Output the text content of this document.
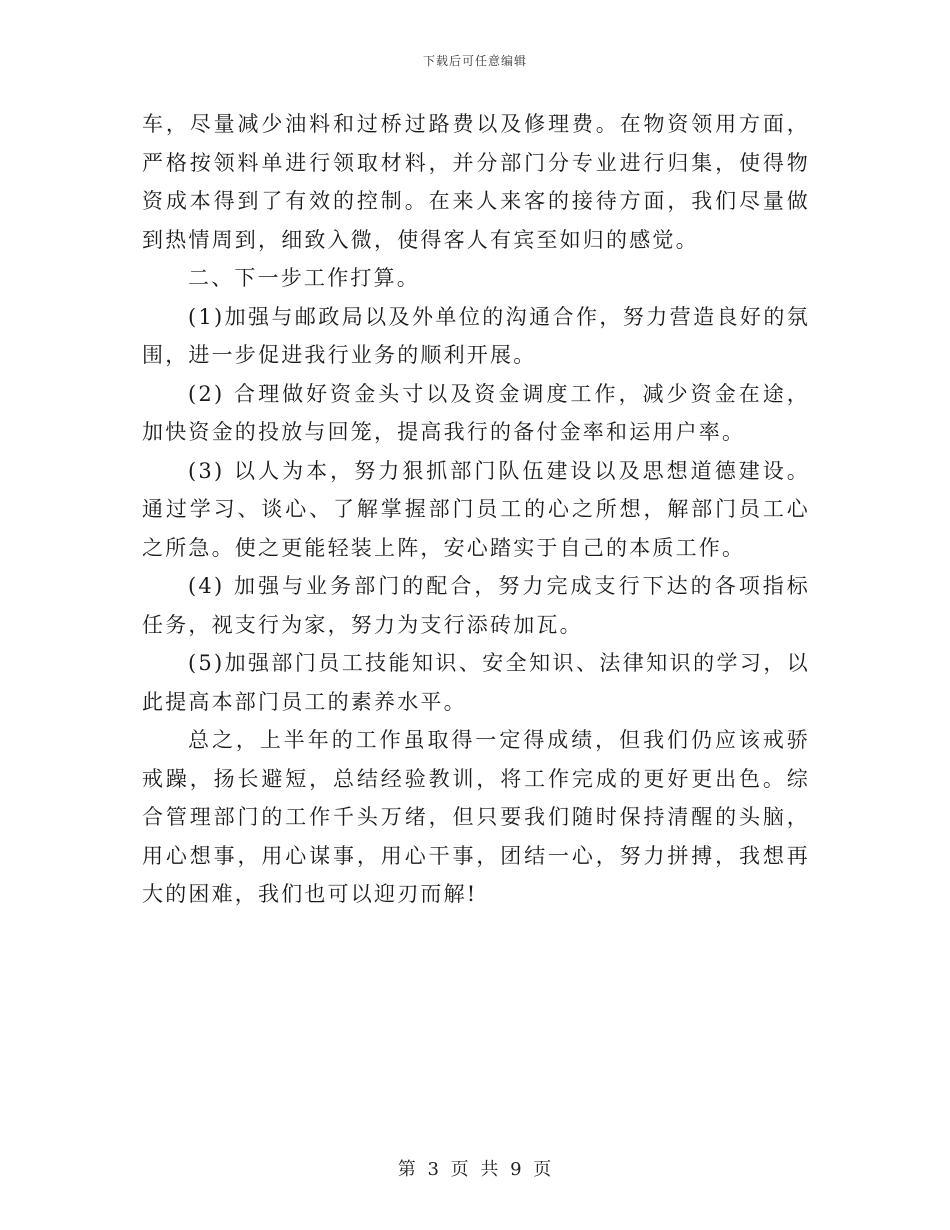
下载后可任意编辑

车，尽量减少油料和过桥过路费以及修理费。在物资领用方面，严格按领料单进行领取材料，并分部门分专业进行归集，使得物资成本得到了有效的控制。在来人来客的接待方面，我们尽量做到热情周到，细致入微，使得客人有宾至如归的感觉。

二、下一步工作打算。

(1)加强与邮政局以及外单位的沟通合作，努力营造良好的氛围，进一步促进我行业务的顺利开展。

(2) 合理做好资金头寸以及资金调度工作，减少资金在途，加快资金的投放与回笼，提高我行的备付金率和运用户率。

(3) 以人为本，努力狠抓部门队伍建设以及思想道德建设。通过学习、谈心、了解掌握部门员工的心之所想，解部门员工心之所急。使之更能轻装上阵，安心踏实于自己的本质工作。

(4) 加强与业务部门的配合，努力完成支行下达的各项指标任务，视支行为家，努力为支行添砖加瓦。

(5)加强部门员工技能知识、安全知识、法律知识的学习，以此提高本部门员工的素养水平。

总之，上半年的工作虽取得一定得成绩，但我们仍应该戒骄戒躁，扬长避短，总结经验教训，将工作完成的更好更出色。综合管理部门的工作千头万绪，但只要我们随时保持清醒的头脑，用心想事，用心谋事，用心干事，团结一心，努力拼搏，我想再大的困难，我们也可以迎刃而解!

第 3 页 共 9 页
